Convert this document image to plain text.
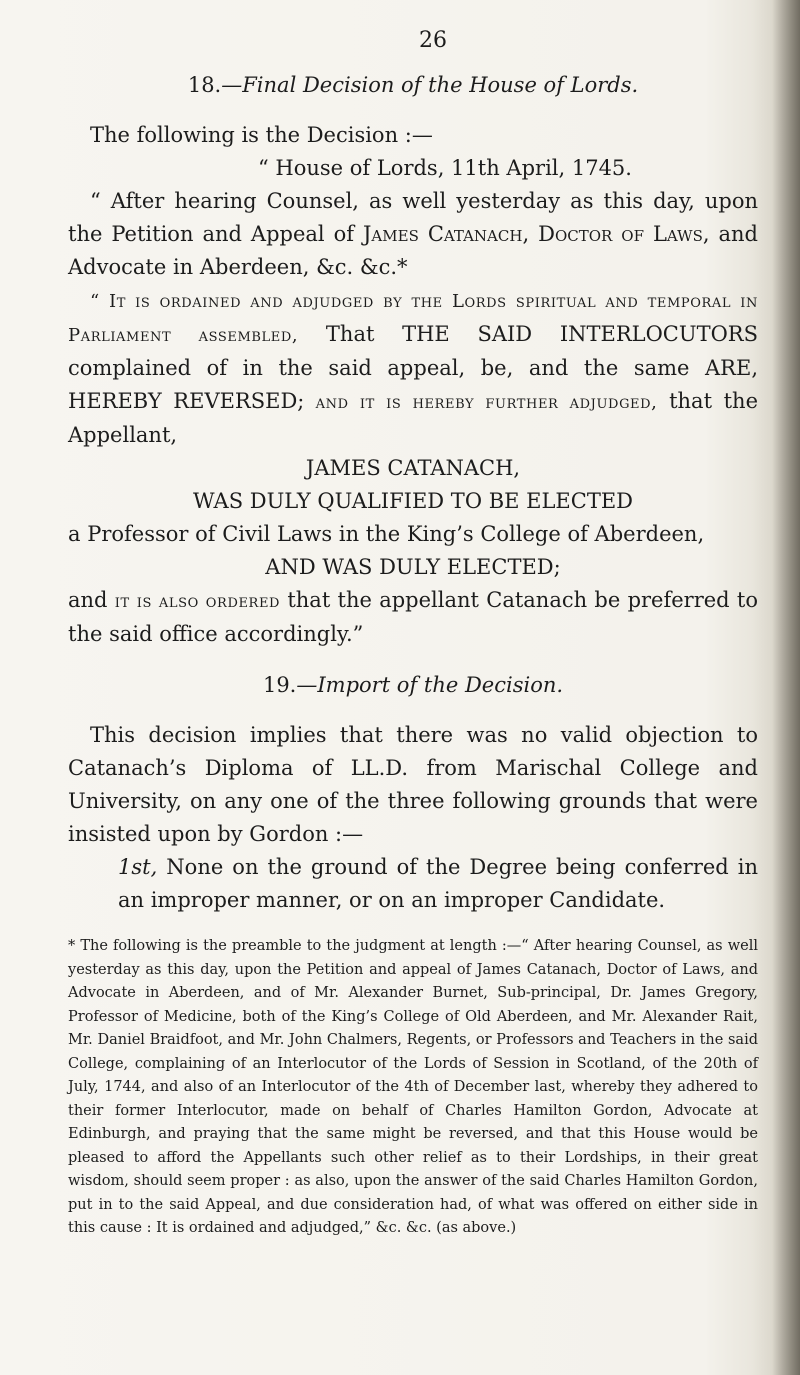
26
18.—Final Decision of the House of Lords.

The following is the Decision :—

“ House of Lords, 11th April, 1745.

“ After hearing Counsel, as well yesterday as this day, upon the Petition and Appeal of James Catanach, Doctor of Laws, and Advocate in Aberdeen, &c. &c.*

“ It is ordained and adjudged by the Lords spiritual and temporal in Parliament assembled, That THE SAID INTERLOCUTORS complained of in the said appeal, be, and the same ARE, HEREBY REVERSED; and it is hereby further adjudged, that the Appellant,

JAMES CATANACH,

WAS DULY QUALIFIED TO BE ELECTED

a Professor of Civil Laws in the King’s College of Aberdeen,

AND WAS DULY ELECTED;

and it is also ordered that the appellant Catanach be preferred to the said office accordingly.”

19.—Import of the Decision.

This decision implies that there was no valid objection to Catanach’s Diploma of LL.D. from Marischal College and University, on any one of the three following grounds that were insisted upon by Gordon :—

1st, None on the ground of the Degree being conferred in an improper manner, or on an improper Candidate.

* The following is the preamble to the judgment at length :—“ After hearing Counsel, as well yesterday as this day, upon the Petition and appeal of James Catanach, Doctor of Laws, and Advocate in Aberdeen, and of Mr. Alexander Burnet, Sub-principal, Dr. James Gregory, Professor of Medicine, both of the King’s College of Old Aberdeen, and Mr. Alexander Rait, Mr. Daniel Braidfoot, and Mr. John Chalmers, Regents, or Professors and Teachers in the said College, complaining of an Interlocutor of the Lords of Session in Scotland, of the 20th of July, 1744, and also of an Interlocutor of the 4th of December last, whereby they adhered to their former Interlocutor, made on behalf of Charles Hamilton Gordon, Advocate at Edinburgh, and praying that the same might be reversed, and that this House would be pleased to afford the Appellants such other relief as to their Lordships, in their great wisdom, should seem proper : as also, upon the answer of the said Charles Hamilton Gordon, put in to the said Appeal, and due consideration had, of what was offered on either side in this cause : It is ordained and adjudged,” &c. &c. (as above.)
